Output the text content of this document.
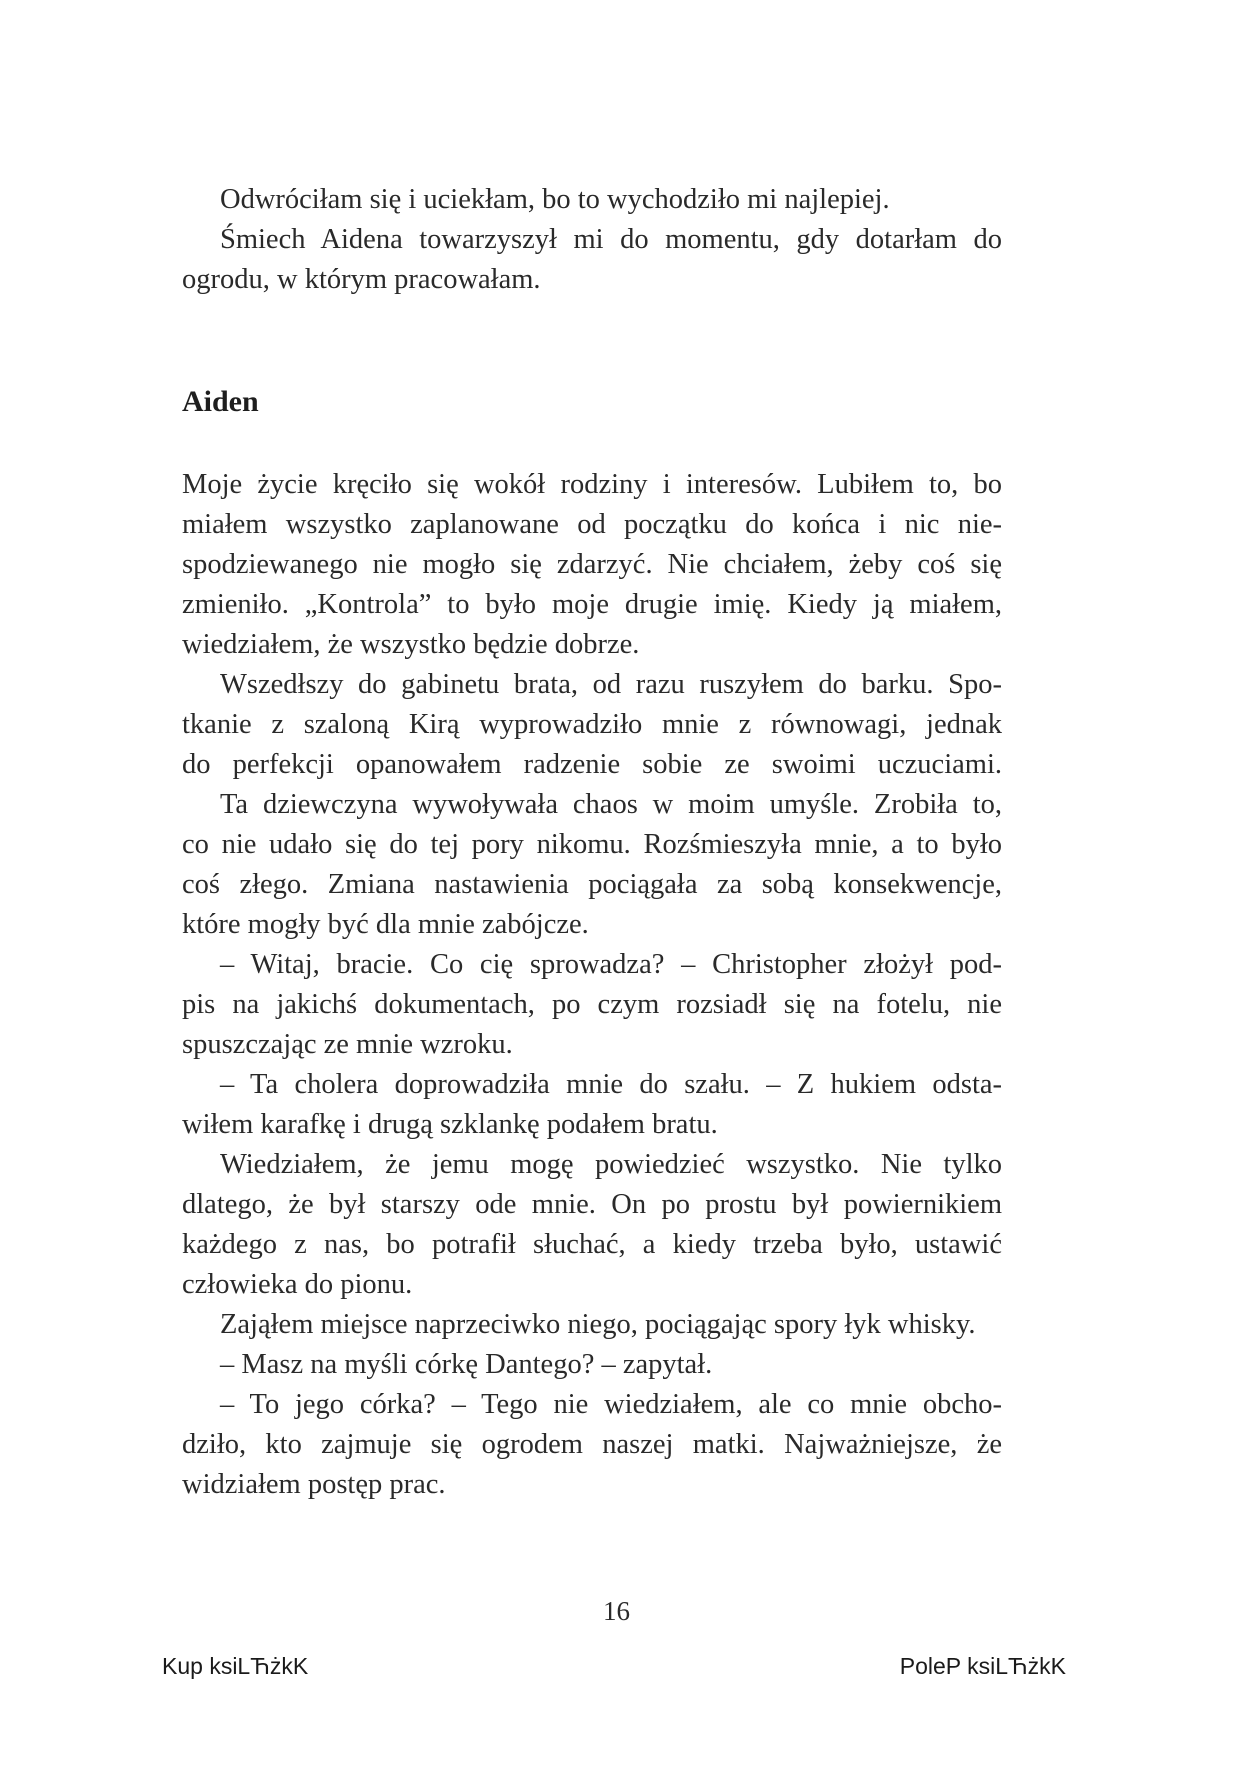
Odwróciłam się i uciekłam, bo to wychodziło mi najlepiej.
Śmiech Aidena towarzyszył mi do momentu, gdy dotarłam do
ogrodu, w którym pracowałam.
Aiden
Moje życie kręciło się wokół rodziny i interesów. Lubiłem to, bo
miałem wszystko zaplanowane od początku do końca i nic nie-
spodziewanego nie mogło się zdarzyć. Nie chciałem, żeby coś się
zmieniło. „Kontrola” to było moje drugie imię. Kiedy ją miałem,
wiedziałem, że wszystko będzie dobrze.
Wszedłszy do gabinetu brata, od razu ruszyłem do barku. Spo-
tkanie z szaloną Kirą wyprowadziło mnie z równowagi, jednak
do perfekcji opanowałem radzenie sobie ze swoimi uczuciami.
Ta dziewczyna wywoływała chaos w moim umyśle. Zrobiła to,
co nie udało się do tej pory nikomu. Rozśmieszyła mnie, a to było
coś złego. Zmiana nastawienia pociągała za sobą konsekwencje,
które mogły być dla mnie zabójcze.
– Witaj, bracie. Co cię sprowadza? – Christopher złożył pod-
pis na jakichś dokumentach, po czym rozsiadł się na fotelu, nie
spuszczając ze mnie wzroku.
– Ta cholera doprowadziła mnie do szału. – Z hukiem odsta-
wiłem karafkę i drugą szklankę podałem bratu.
Wiedziałem, że jemu mogę powiedzieć wszystko. Nie tylko
dlatego, że był starszy ode mnie. On po prostu był powiernikiem
każdego z nas, bo potrafił słuchać, a kiedy trzeba było, ustawić
człowieka do pionu.
Zająłem miejsce naprzeciwko niego, pociągając spory łyk whisky.
– Masz na myśli córkę Dantego? – zapytał.
– To jego córka? – Tego nie wiedziałem, ale co mnie obcho-
dziło, kto zajmuje się ogrodem naszej matki. Najważniejsze, że
widziałem postęp prac.
16
Kup ksiLЋżkK	PoleP ksiLЋżkK
